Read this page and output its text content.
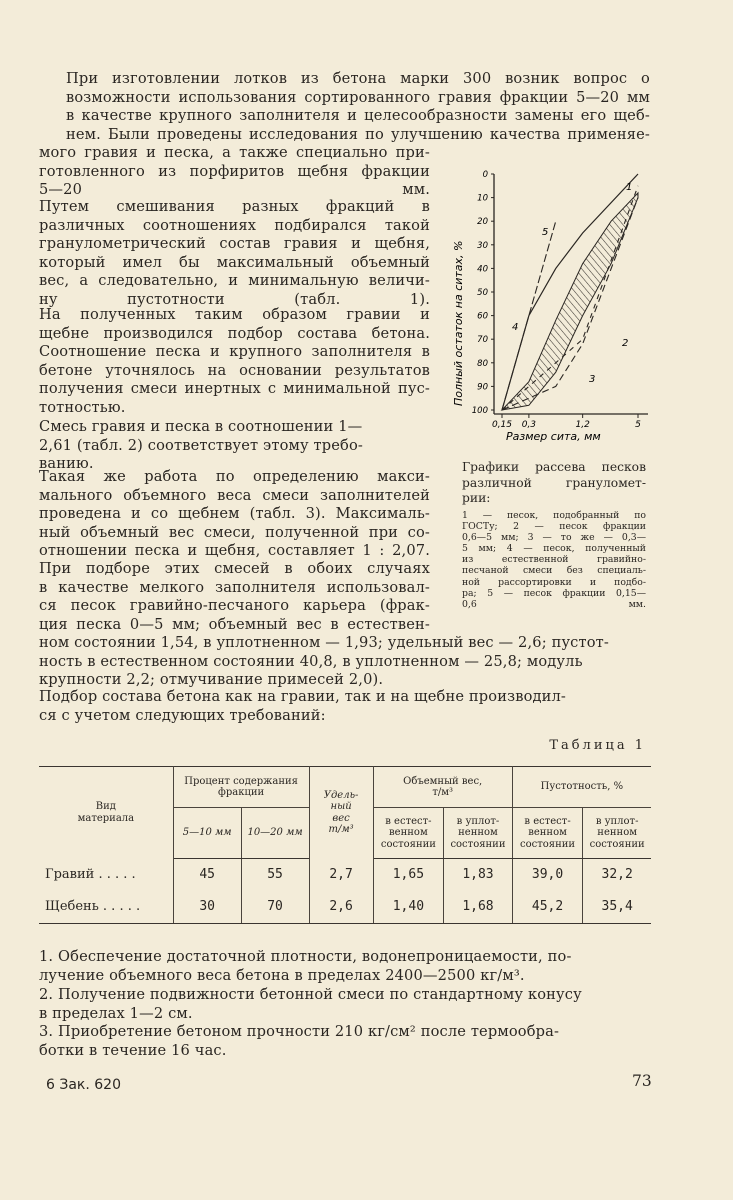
При изготовлении лотков из бетона марки 300 возник вопрос о
возможности использования сортированного гравия фракции 5—20 мм
в качестве крупного заполнителя и целесообразности замены его щеб-
нем. Были проведены исследования по улучшению качества применяе-

мого гравия и песка, а также специально при-
готовленного из порфиритов щебня фракции
5—20 мм.

Путем смешивания разных фракций в
различных соотношениях подбирался такой
гранулометрический состав гравия и щебня,
который имел бы максимальный объемный
вес, а следовательно, и минимальную величи-
ну пустотности (табл. 1).

На полученных таким образом гравии и
щебне производился подбор состава бетона.
Соотношение песка и крупного заполнителя в
бетоне уточнялось на основании результатов
получения смеси инертных с минимальной пус-
тотностью.

Смесь гравия и песка в соотношении 1—
2,61 (табл. 2) соответствует этому требо-
ванию.

Такая же работа по определению макси-
мального объемного веса смеси заполнителей
проведена и со щебнем (табл. 3). Максималь-
ный объемный вес смеси, полученной при со-
отношении песка и щебня, составляет 1 : 2,07.

При подборе этих смесей в обоих случаях
в качестве мелкого заполнителя использовал-
ся песок гравийно-песчаного карьера (фрак-
ция песка 0—5 мм; объемный вес в естествен-

ном состоянии 1,54, в уплотненном — 1,93; удельный вес — 2,6; пустот-
ность в естественном состоянии 40,8, в уплотненном — 25,8; модуль
крупности 2,2; отмучивание примесей 2,0).

Подбор состава бетона как на гравии, так и на щебне производил-
ся с учетом следующих требований:

0
10
20
30
40
50
60
70
80
90
100
0,15 0,3	1,2	5
5
4
3
2
1
Полный остаток на ситах, %
Размер сита, мм

Графики рассева песков
различной грануломет-
рии:

1 — песок, подобранный по
ГОСТу; 2 — песок фракции
0,6—5 мм; 3 — то же — 0,3—
5 мм; 4 — песок, полученный
из естественной гравийно-
песчаной смеси без специаль-
ной рассортировки и подбо-
ра; 5 — песок фракции 0,15—
0,6 мм.

Таблица 1

Вид
материала	Процент содержания
фракции		Удель-
ный
вес
т/м³	Объемный вес,
т/м³		Пустотность, %	
	5—10 мм	10—20 мм		в естест-
венном
состоянии	в уплот-
ненном
состоянии	в естест-
венном
состоянии	в уплот-
ненном
состоянии
Гравий . . . . .	45	55	2,7	1,65	1,83	39,0	32,2
Щебень . . . . .	30	70	2,6	1,40	1,68	45,2	35,4

1. Обеспечение достаточной плотности, водонепроницаемости, по-
лучение объемного веса бетона в пределах 2400—2500 кг/м³.

2. Получение подвижности бетонной смеси по стандартному конусу
в пределах 1—2 см.

3. Приобретение бетоном прочности 210 кг/см² после термообра-
ботки в течение 16 час.

6 Зак. 620	73
